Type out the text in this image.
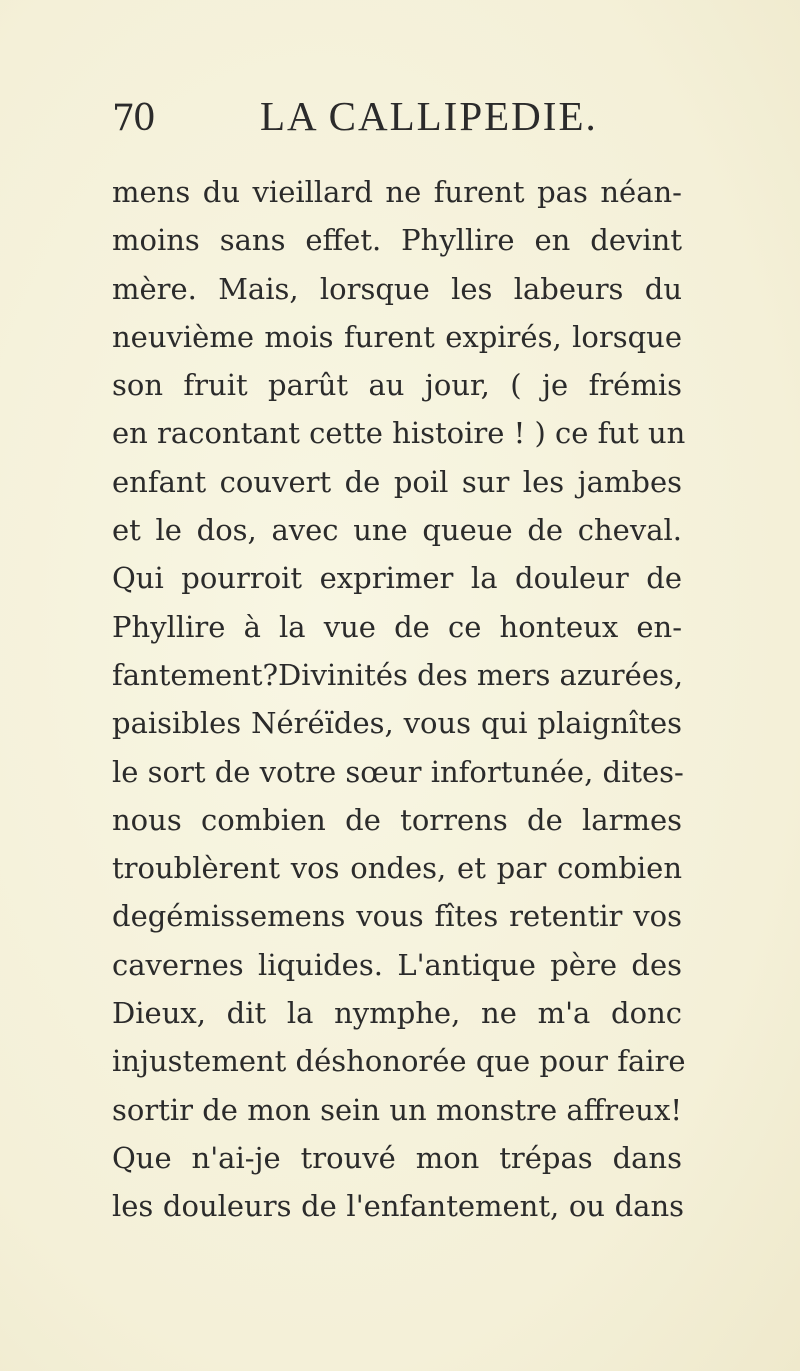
70	LA CALLIPEDIE.
mens du vieillard ne furent pas néan-
moins sans effet. Phyllire en devint
mère. Mais, lorsque les labeurs du
neuvième mois furent expirés, lorsque
son fruit parût au jour, ( je frémis
en racontant cette histoire ! ) ce fut un
enfant couvert de poil sur les jambes
et le dos, avec une queue de cheval.
Qui pourroit exprimer la douleur de
Phyllire à la vue de ce honteux en-
fantement?Divinités des mers azurées,
paisibles Néréïdes, vous qui plaignîtes
le sort de votre sœur infortunée, dites-
nous combien de torrens de larmes
troublèrent vos ondes, et par combien
degémissemens vous fîtes retentir vos
cavernes liquides. L'antique père des
Dieux, dit la nymphe, ne m'a donc
injustement déshonorée que pour faire
sortir de mon sein un monstre affreux!
Que n'ai-je trouvé mon trépas dans
les douleurs de l'enfantement, ou dans
